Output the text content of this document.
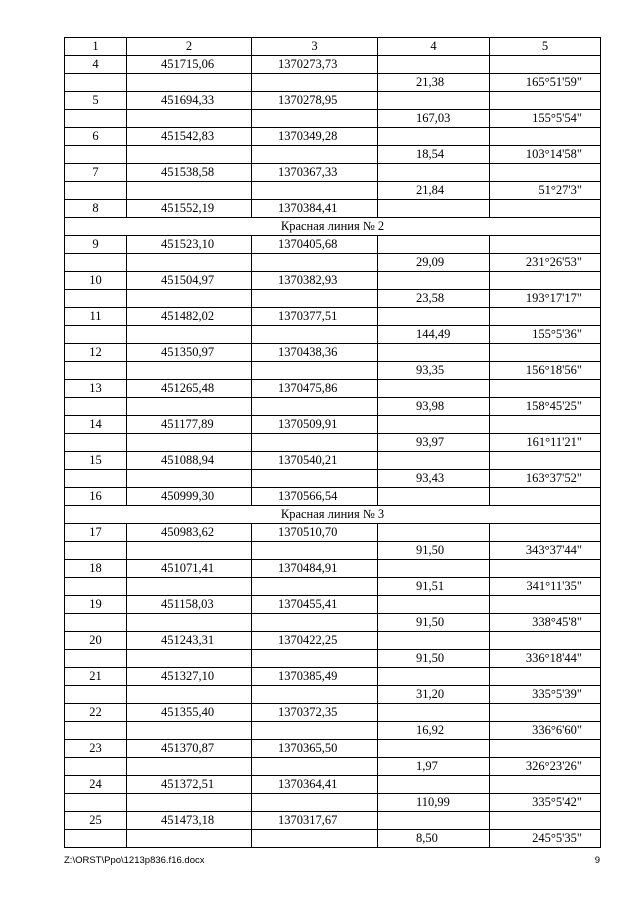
1	2	3	4	5
4	451715,06	1370273,73		
			21,38	165°51'59"
5	451694,33	1370278,95		
			167,03	155°5'54"
6	451542,83	1370349,28		
			18,54	103°14'58"
7	451538,58	1370367,33		
			21,84	51°27'3"
8	451552,19	1370384,41		
Красная линия № 2				
9	451523,10	1370405,68		
			29,09	231°26'53"
10	451504,97	1370382,93		
			23,58	193°17'17"
11	451482,02	1370377,51		
			144,49	155°5'36"
12	451350,97	1370438,36		
			93,35	156°18'56"
13	451265,48	1370475,86		
			93,98	158°45'25"
14	451177,89	1370509,91		
			93,97	161°11'21"
15	451088,94	1370540,21		
			93,43	163°37'52"
16	450999,30	1370566,54		
Красная линия № 3				
17	450983,62	1370510,70		
			91,50	343°37'44"
18	451071,41	1370484,91		
			91,51	341°11'35"
19	451158,03	1370455,41		
			91,50	338°45'8"
20	451243,31	1370422,25		
			91,50	336°18'44"
21	451327,10	1370385,49		
			31,20	335°5'39"
22	451355,40	1370372,35		
			16,92	336°6'60"
23	451370,87	1370365,50		
			1,97	326°23'26"
24	451372,51	1370364,41		
			110,99	335°5'42"
25	451473,18	1370317,67		
			8,50	245°5'35"
Z:\ORST\Ppo\1213p836.f16.docx	9
